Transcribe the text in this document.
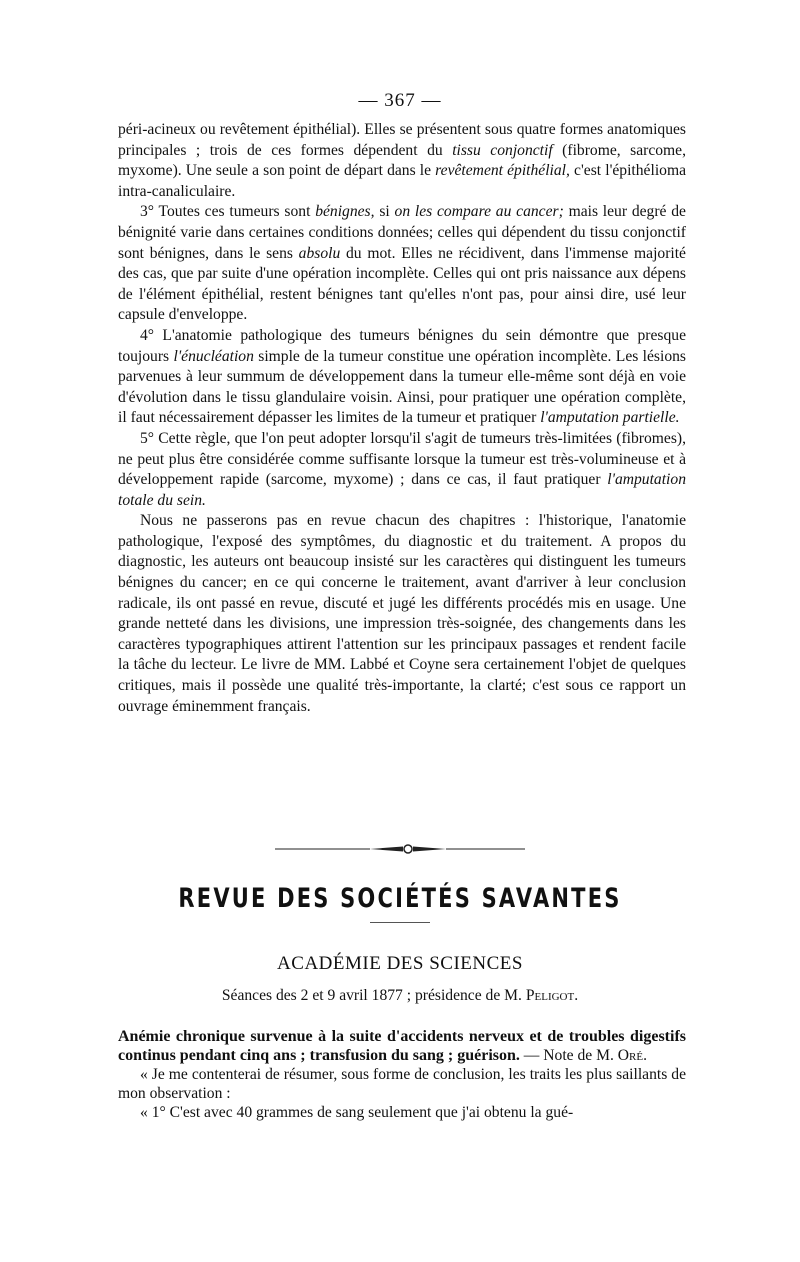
— 367 —

péri-acineux ou revêtement épithélial). Elles se présentent sous quatre formes anatomiques principales ; trois de ces formes dépendent du tissu conjonctif (fibrome, sarcome, myxome). Une seule a son point de départ dans le revêtement épithélial, c'est l'épithélioma intra-canaliculaire.

3° Toutes ces tumeurs sont bénignes, si on les compare au cancer; mais leur degré de bénignité varie dans certaines conditions données; celles qui dépendent du tissu conjonctif sont bénignes, dans le sens absolu du mot. Elles ne récidivent, dans l'immense majorité des cas, que par suite d'une opération incomplète. Celles qui ont pris naissance aux dépens de l'élément épithélial, restent bénignes tant qu'elles n'ont pas, pour ainsi dire, usé leur capsule d'enveloppe.

4° L'anatomie pathologique des tumeurs bénignes du sein démontre que presque toujours l'énucléation simple de la tumeur constitue une opération incomplète. Les lésions parvenues à leur summum de développement dans la tumeur elle-même sont déjà en voie d'évolution dans le tissu glandulaire voisin. Ainsi, pour pratiquer une opération complète, il faut nécessairement dépasser les limites de la tumeur et pratiquer l'amputation partielle.

5° Cette règle, que l'on peut adopter lorsqu'il s'agit de tumeurs très-limitées (fibromes), ne peut plus être considérée comme suffisante lorsque la tumeur est très-volumineuse et à développement rapide (sarcome, myxome) ; dans ce cas, il faut pratiquer l'amputation totale du sein.

Nous ne passerons pas en revue chacun des chapitres : l'historique, l'anatomie pathologique, l'exposé des symptômes, du diagnostic et du traitement. A propos du diagnostic, les auteurs ont beaucoup insisté sur les caractères qui distinguent les tumeurs bénignes du cancer; en ce qui concerne le traitement, avant d'arriver à leur conclusion radicale, ils ont passé en revue, discuté et jugé les différents procédés mis en usage. Une grande netteté dans les divisions, une impression très-soignée, des changements dans les caractères typographiques attirent l'attention sur les principaux passages et rendent facile la tâche du lecteur. Le livre de MM. Labbé et Coyne sera certainement l'objet de quelques critiques, mais il possède une qualité très-importante, la clarté; c'est sous ce rapport un ouvrage éminemment français.

REVUE DES SOCIÉTÉS SAVANTES
ACADÉMIE DES SCIENCES
Séances des 2 et 9 avril 1877 ; présidence de M. Peligot.

Anémie chronique survenue à la suite d'accidents nerveux et de troubles digestifs continus pendant cinq ans ; transfusion du sang ; guérison. — Note de M. Oré.

« Je me contenterai de résumer, sous forme de conclusion, les traits les plus saillants de mon observation :

« 1° C'est avec 40 grammes de sang seulement que j'ai obtenu la gué-
